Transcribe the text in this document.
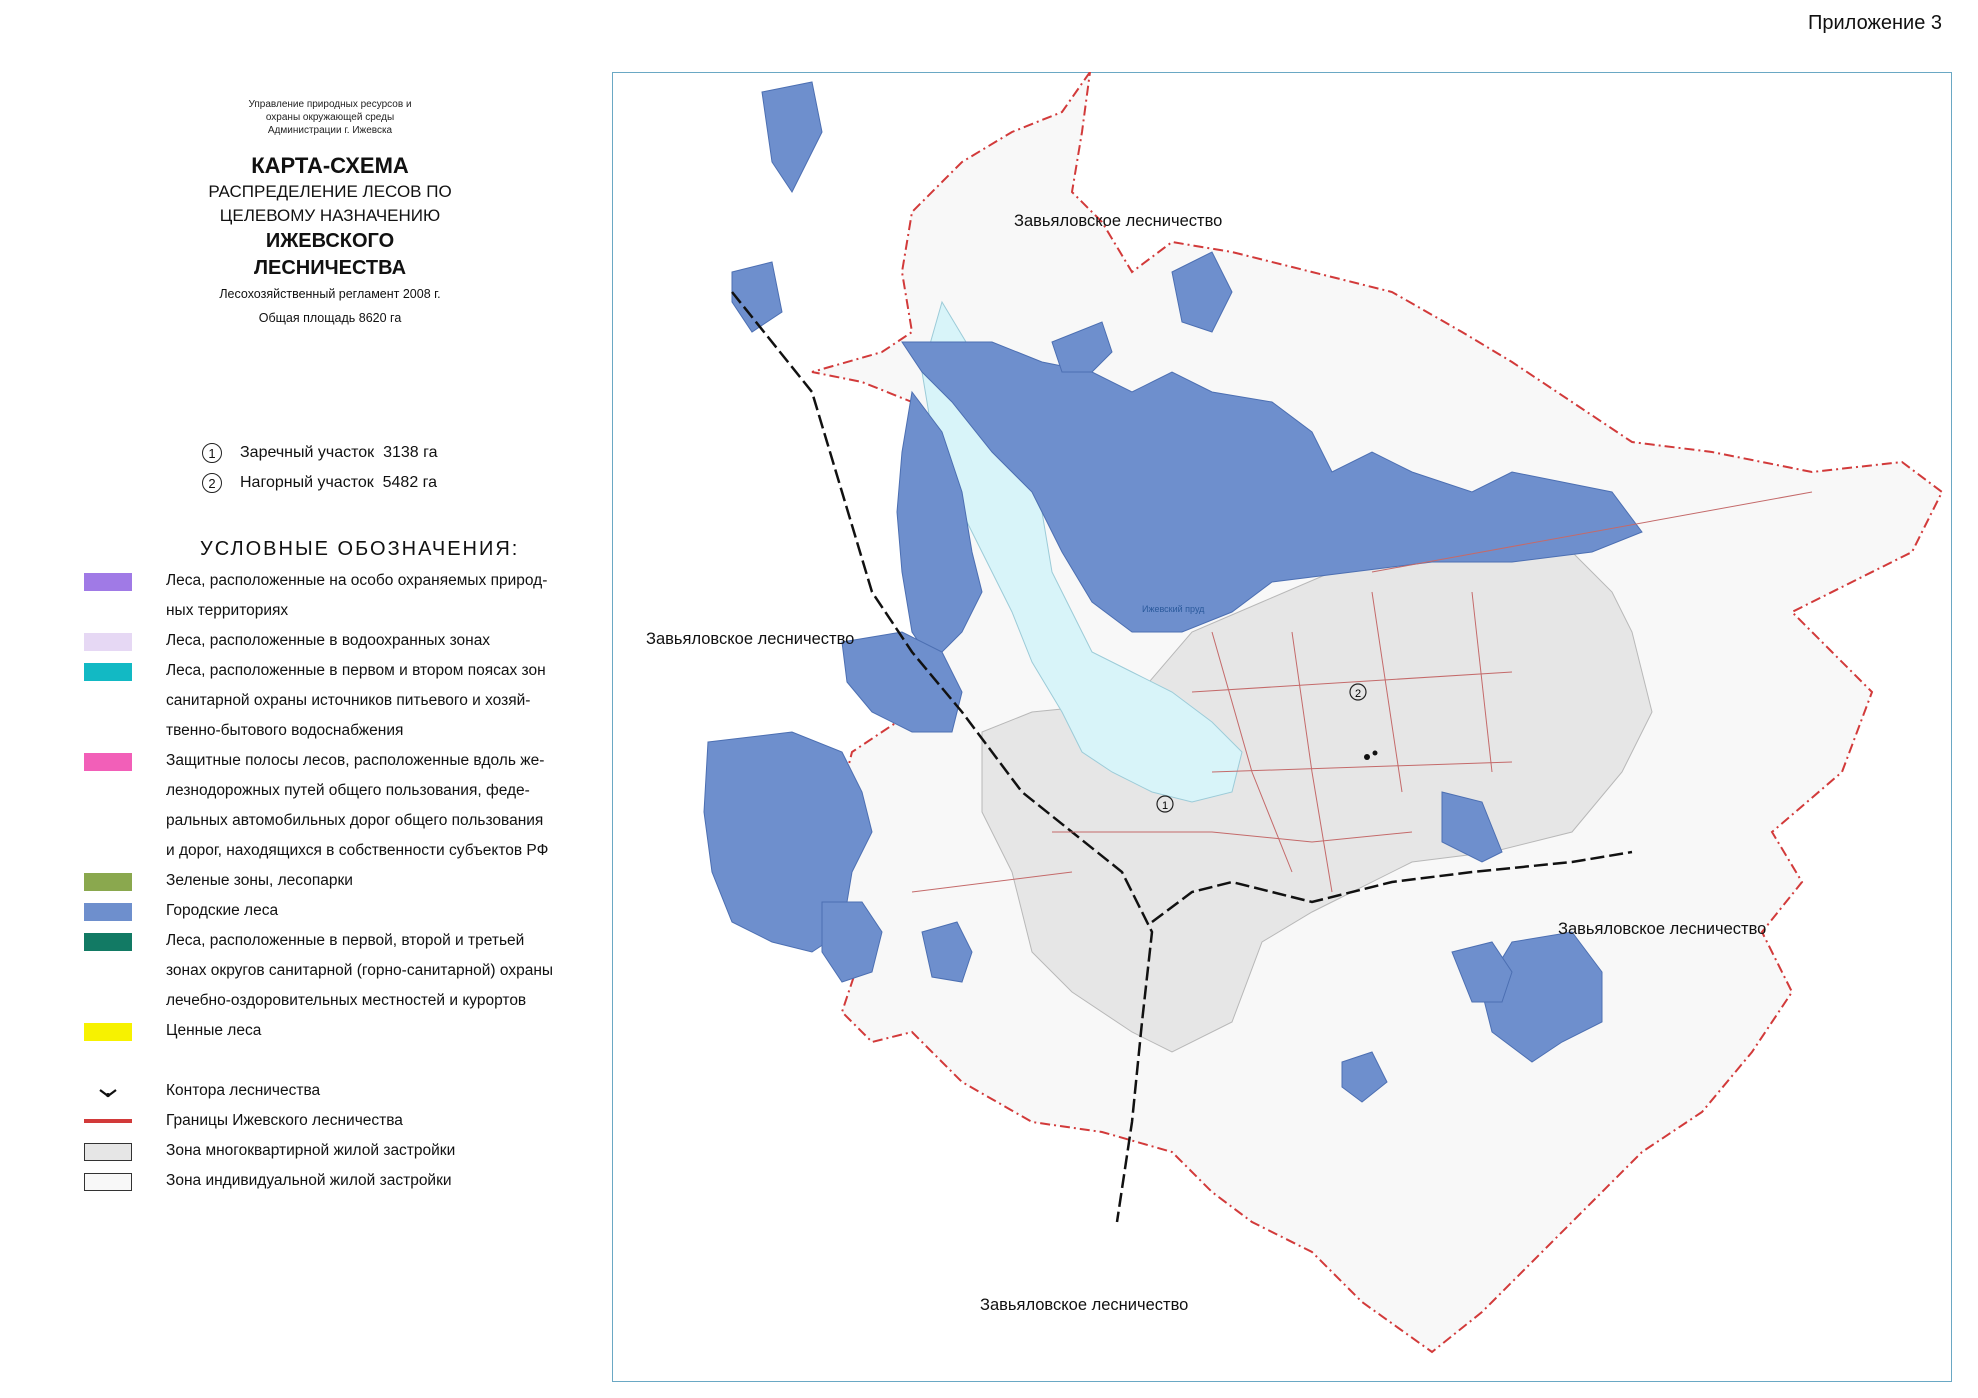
Приложение 3
Управление природных ресурсов и
охраны окружающей среды
Администрации г. Ижевска
КАРТА-СХЕМА
РАСПРЕДЕЛЕНИЕ ЛЕСОВ ПО
ЦЕЛЕВОМУ НАЗНАЧЕНИЮ
ИЖЕВСКОГО
ЛЕСНИЧЕСТВА
Лесохозяйственный регламент 2008 г.
Общая площадь 8620 га
1	Заречный участок
3138 га
2	Нагорный участок
5482 га
УСЛОВНЫЕ ОБОЗНАЧЕНИЯ:
Леса, расположенные на особо охраняемых природ-
ных территориях
Леса, расположенные в водоохранных зонах
Леса, расположенные в первом и втором поясах зон
санитарной охраны источников питьевого и хозяй-
твенно-бытового водоснабжения
Защитные полосы лесов, расположенные вдоль же-
лезнодорожных путей общего пользования, феде-
ральных автомобильных дорог общего пользования
и дорог, находящихся в собственности субъектов РФ
Зеленые зоны, лесопарки
Городские леса
Леса, расположенные в первой, второй и третьей
зонах округов санитарной (горно-санитарной) охраны
лечебно-оздоровительных местностей и курортов
Ценные леса
Контора лесничества
Границы Ижевского лесничества
Зона многоквартирной жилой застройки
Зона индивидуальной жилой застройки
1
2
Ижевский пруд
Завьяловское лесничество
Завьяловское лесничество
Завьяловское лесничество
Завьяловское лесничество
